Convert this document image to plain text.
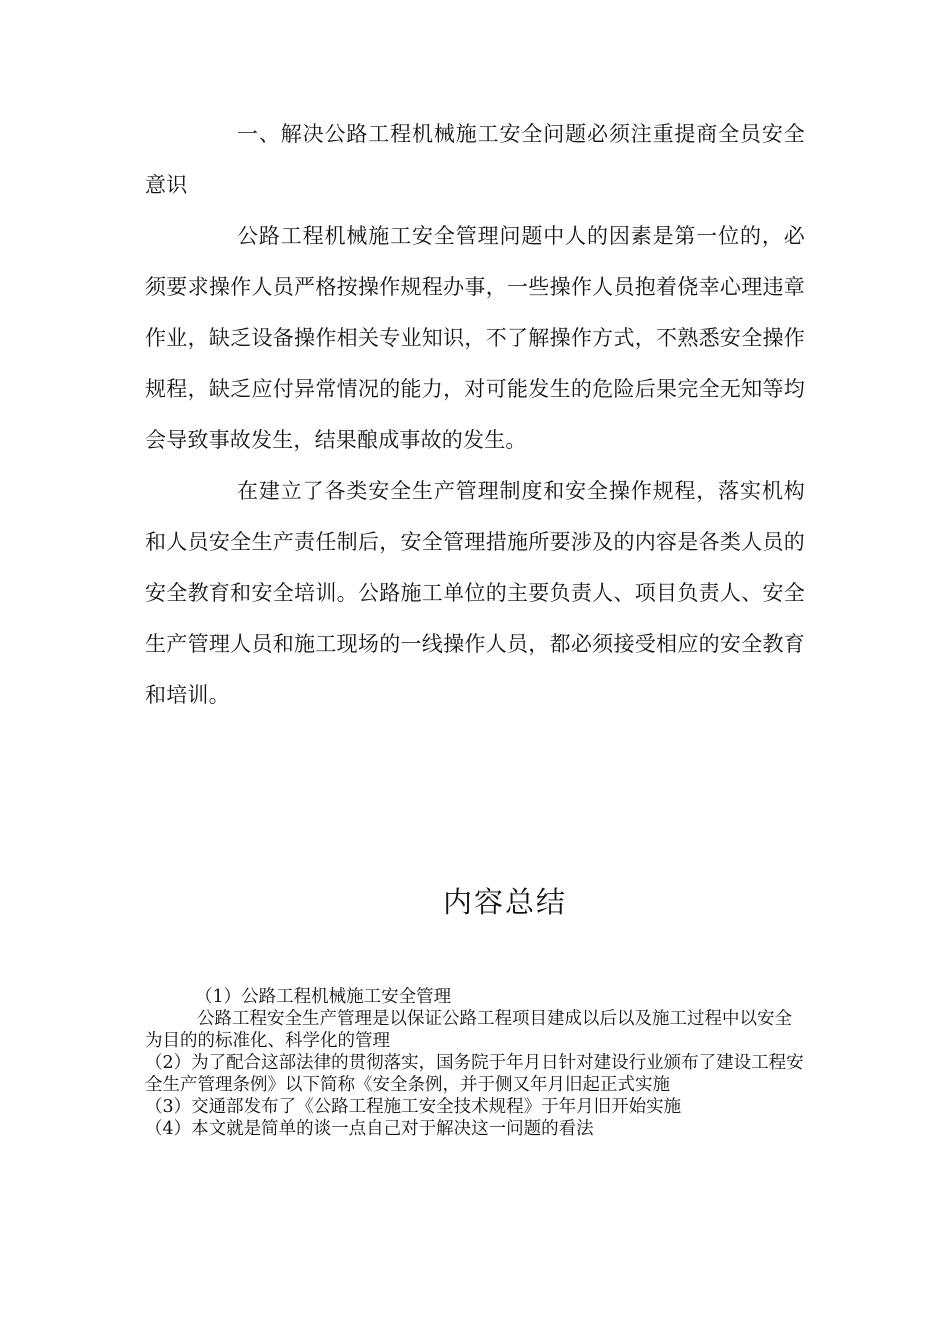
一、解决公路工程机械施工安全问题必须注重提商全员安全意识

公路工程机械施工安全管理问题中人的因素是第一位的，必须要求操作人员严格按操作规程办事，一些操作人员抱着侥幸心理违章作业，缺乏设备操作相关专业知识，不了解操作方式，不熟悉安全操作规程，缺乏应付异常情况的能力，对可能发生的危险后果完全无知等均会导致事故发生，结果酿成事故的发生。

在建立了各类安全生产管理制度和安全操作规程，落实机构和人员安全生产责任制后，安全管理措施所要涉及的内容是各类人员的安全教育和安全培训。公路施工单位的主要负责人、项目负责人、安全生产管理人员和施工现场的一线操作人员，都必须接受相应的安全教育和培训。

内容总结
（1）公路工程机械施工安全管理
公路工程安全生产管理是以保证公路工程项目建成以后以及施工过程中以安全为目的的标准化、科学化的管理
（2）为了配合这部法律的贯彻落实，国务院于年月日针对建设行业颁布了建设工程安全生产管理条例》以下简称《安全条例，并于侧又年月旧起正式实施
（3）交通部发布了《公路工程施工安全技术规程》于年月旧开始实施
（4）本文就是简单的谈一点自己对于解决这一问题的看法
